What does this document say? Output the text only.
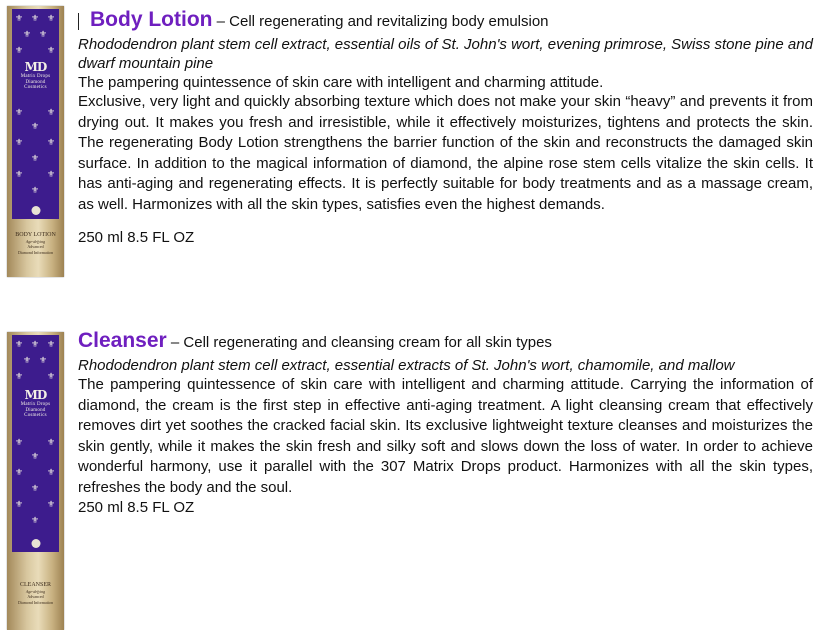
⚜ ⚜ ⚜
⚜ ⚜
⚜	⚜
MD
Matrix Drops
Diamond
Cosmetics
⚜	⚜
⚜
⚜	⚜
⚜
⚜	⚜
⚜
BODY LOTION
Age-defying
Advanced
Diamond Information
Body Lotion – Cell regenerating and revitalizing body emulsion
Rhododendron plant stem cell extract, essential oils of St. John's wort, evening primrose, Swiss stone pine and dwarf mountain pine
The pampering quintessence of skin care with intelligent and charming attitude.

Exclusive, very light and quickly absorbing texture which does not make your skin “heavy” and prevents it from drying out. It makes you fresh and irresistible, while it effectively moisturizes, tightens and protects the skin. The regenerating Body Lotion strengthens the barrier function of the skin and reconstructs the damaged skin surface. In addition to the magical information of diamond, the alpine rose stem cells vitalize the skin cells. It has anti-aging and regenerating effects. It is perfectly suitable for body treatments and as a massage cream, as well. Harmonizes with all the skin types, satisfies even the highest demands.

250 ml 8.5 FL OZ
⚜ ⚜ ⚜
⚜ ⚜
⚜	⚜
MD
Matrix Drops
Diamond
Cosmetics
⚜	⚜
⚜
⚜	⚜
⚜
⚜	⚜
⚜
CLEANSER
Age-defying
Advanced
Diamond Information
Cleanser – Cell regenerating and cleansing cream for all skin types
Rhododendron plant stem cell extract, essential extracts of St. John's wort, chamomile, and mallow

The pampering quintessence of skin care with intelligent and charming attitude. Carrying the information of diamond, the cream is the first step in effective anti-aging treatment. A light cleansing cream that effectively removes dirt yet soothes the cracked facial skin. Its exclusive lightweight texture cleanses and moisturizes the skin gently, while it makes the skin fresh and silky soft and slows down the loss of water. In order to achieve wonderful harmony, use it parallel with the 307 Matrix Drops product. Harmonizes with all the skin types, refreshes the body and the soul.

250 ml 8.5 FL OZ
